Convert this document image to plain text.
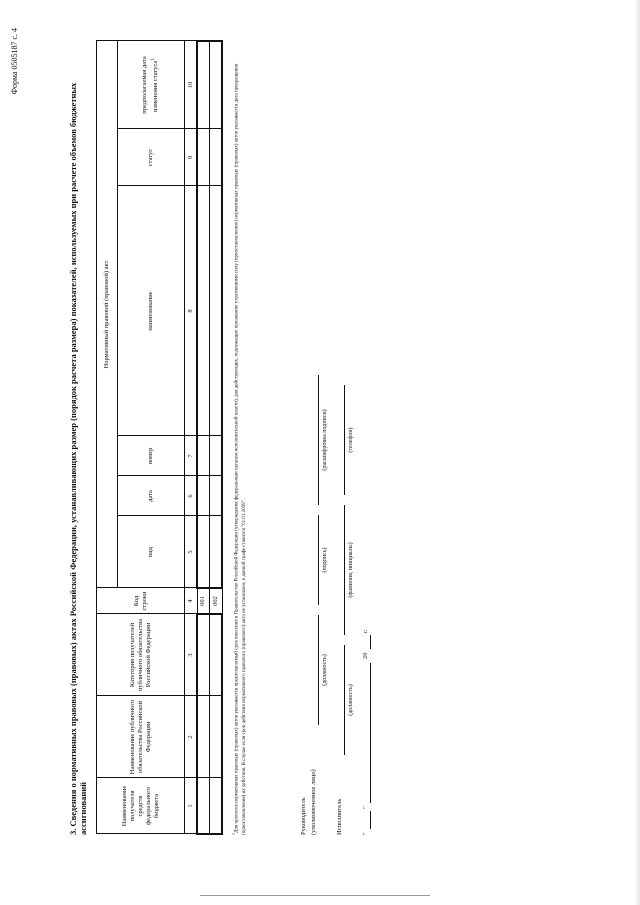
Форма 0505187 с. 4
3. Сведения о нормативных правовых (правовых) актах Российской Федерации, устанавливающих размер (порядок расчета размера) показателей, используемых при расчете объемов бюджетных ассигнований	Наименование получателя средств федерального бюджета	Наименование публичного обязательства Российской Федерации	Категория получателей публичного обязательства Российской Федерации	Код строки	Нормативный правовой (правовой) акт					
				вид	дата	номер	наименование	статус	предполагаемая дата изменения статуса$^1$
1	2	3	4	5	6	7	8	9	10
			001						
			002						
$^1$Для проектов нормативных правовых (правовых) актов указывается предполагаемый срок внесения в Правительство Российской Федерации (утверждения федеральным органом исполнительной власти), для действующих, подлежащих признанию утратившими силу (приостановлению) нормативных правовых (правовых) актов указывается дата прекращения (приостановления) их действия. В случае если срок действия нормативного правового (правового) акта не установлен, в данной графе ставится "01.01.2099".	Руководитель (уполномоченное лицо)
(должность)
(подпись)
(расшифровка подписи)
Исполнитель
(должность)
(фамилия, инициалы)
(телефон)
"
"
20
г.
